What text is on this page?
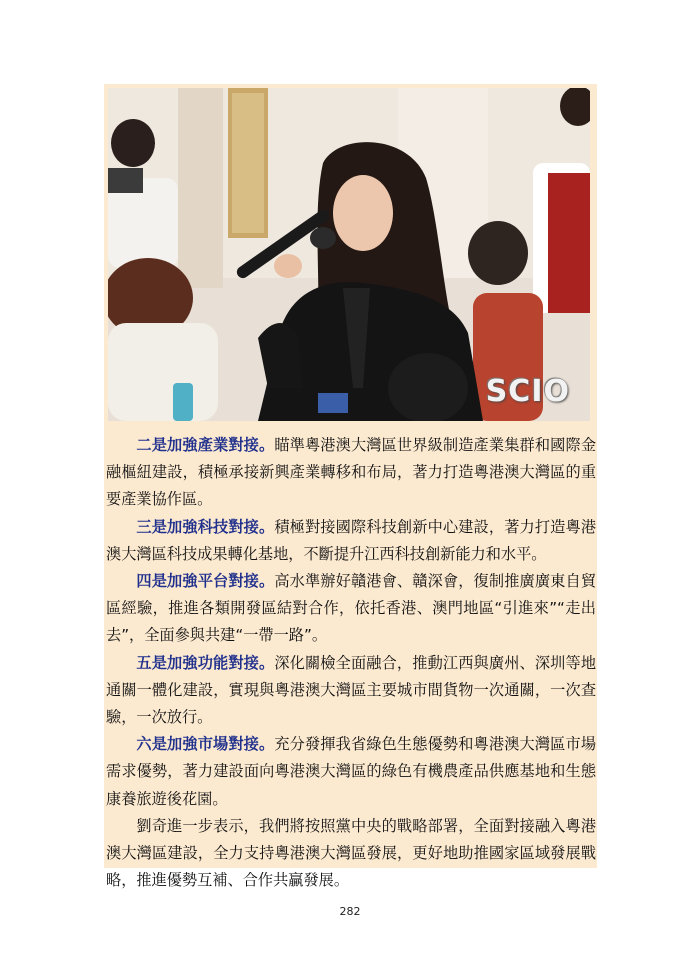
SCIO

二是加強產業對接。瞄準粵港澳大灣區世界級制造產業集群和國際金融樞紐建設，積極承接新興產業轉移和布局，著力打造粵港澳大灣區的重要產業協作區。

三是加強科技對接。積極對接國際科技創新中心建設，著力打造粵港澳大灣區科技成果轉化基地，不斷提升江西科技創新能力和水平。

四是加強平台對接。高水準辦好贛港會、贛深會，復制推廣廣東自貿區經驗，推進各類開發區結對合作，依托香港、澳門地區“引進來”“走出去”，全面參與共建“一帶一路”。

五是加強功能對接。深化關檢全面融合，推動江西與廣州、深圳等地通關一體化建設，實現與粵港澳大灣區主要城市間貨物一次通關，一次查驗，一次放行。

六是加強市場對接。充分發揮我省綠色生態優勢和粵港澳大灣區市場需求優勢，著力建設面向粵港澳大灣區的綠色有機農產品供應基地和生態康養旅遊後花園。

劉奇進一步表示，我們將按照黨中央的戰略部署，全面對接融入粵港澳大灣區建設，全力支持粵港澳大灣區發展，更好地助推國家區域發展戰略，推進優勢互補、合作共贏發展。

282
